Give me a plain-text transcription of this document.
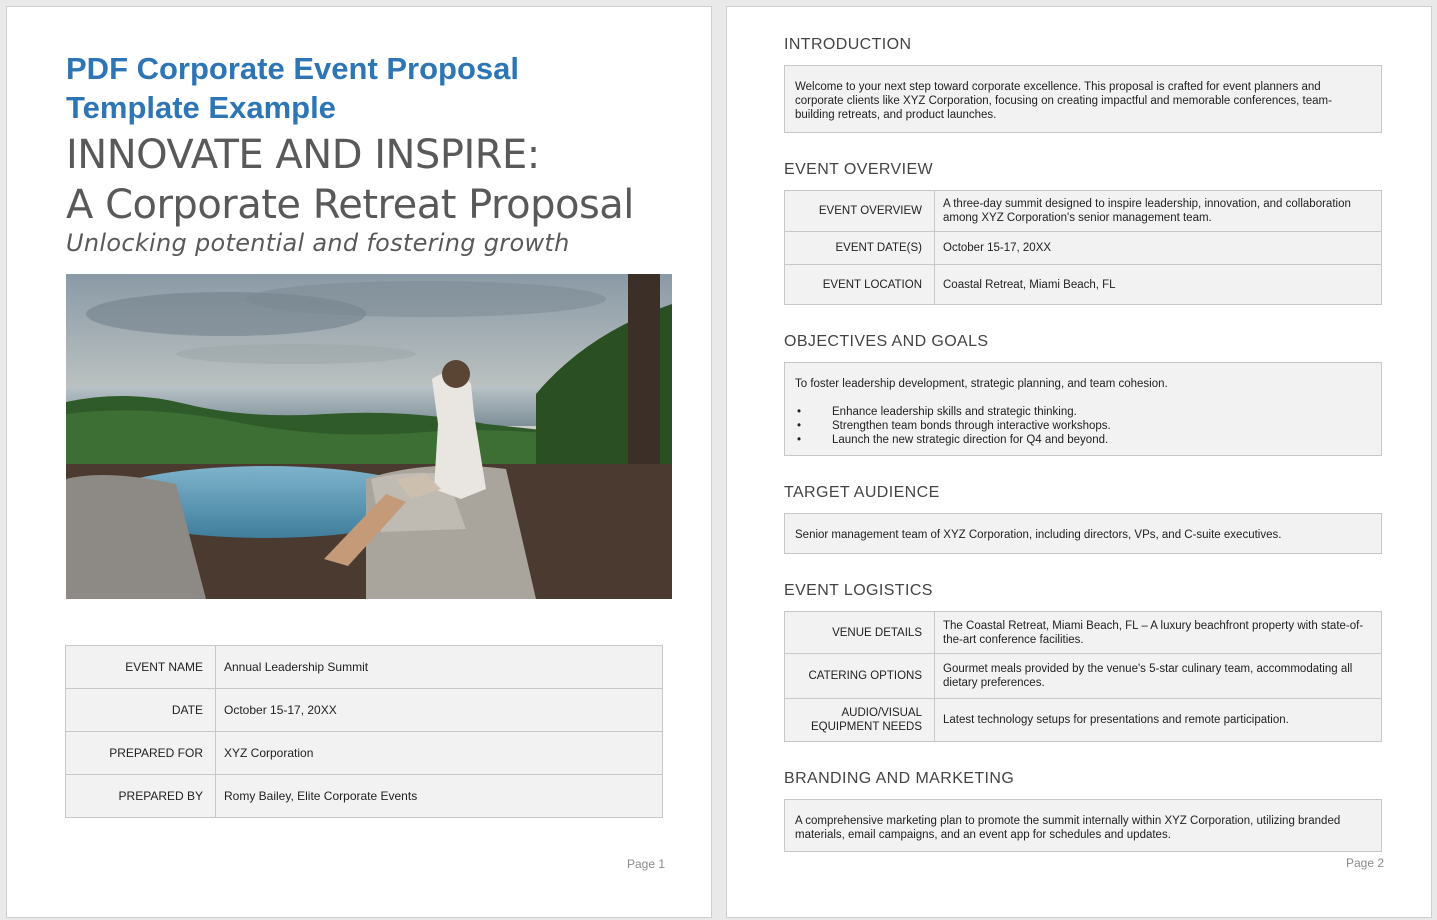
PDF Corporate Event Proposal Template Example
INNOVATE AND INSPIRE:
A Corporate Retreat Proposal
Unlocking potential and fostering growth
EVENT NAME	Annual Leadership Summit
DATE	October 15-17, 20XX
PREPARED FOR	XYZ Corporation
PREPARED BY	Romy Bailey, Elite Corporate Events
Page 1
INTRODUCTION
Welcome to your next step toward corporate excellence. This proposal is crafted for event planners and corporate clients like XYZ Corporation, focusing on creating impactful and memorable conferences, team-building retreats, and product launches.
EVENT OVERVIEW
EVENT OVERVIEW	A three-day summit designed to inspire leadership, innovation, and collaboration among XYZ Corporation's senior management team.
EVENT DATE(S)	October 15-17, 20XX
EVENT LOCATION	Coastal Retreat, Miami Beach, FL
OBJECTIVES AND GOALS
To foster leadership development, strategic planning, and team cohesion.
• Enhance leadership skills and strategic thinking.
• Strengthen team bonds through interactive workshops.
• Launch the new strategic direction for Q4 and beyond.
TARGET AUDIENCE
Senior management team of XYZ Corporation, including directors, VPs, and C-suite executives.
EVENT LOGISTICS
VENUE DETAILS	The Coastal Retreat, Miami Beach, FL – A luxury beachfront property with state-of-the-art conference facilities.
CATERING OPTIONS	Gourmet meals provided by the venue's 5-star culinary team, accommodating all dietary preferences.
AUDIO/VISUAL EQUIPMENT NEEDS	Latest technology setups for presentations and remote participation.
BRANDING AND MARKETING
A comprehensive marketing plan to promote the summit internally within XYZ Corporation, utilizing branded materials, email campaigns, and an event app for schedules and updates.
Page 2
